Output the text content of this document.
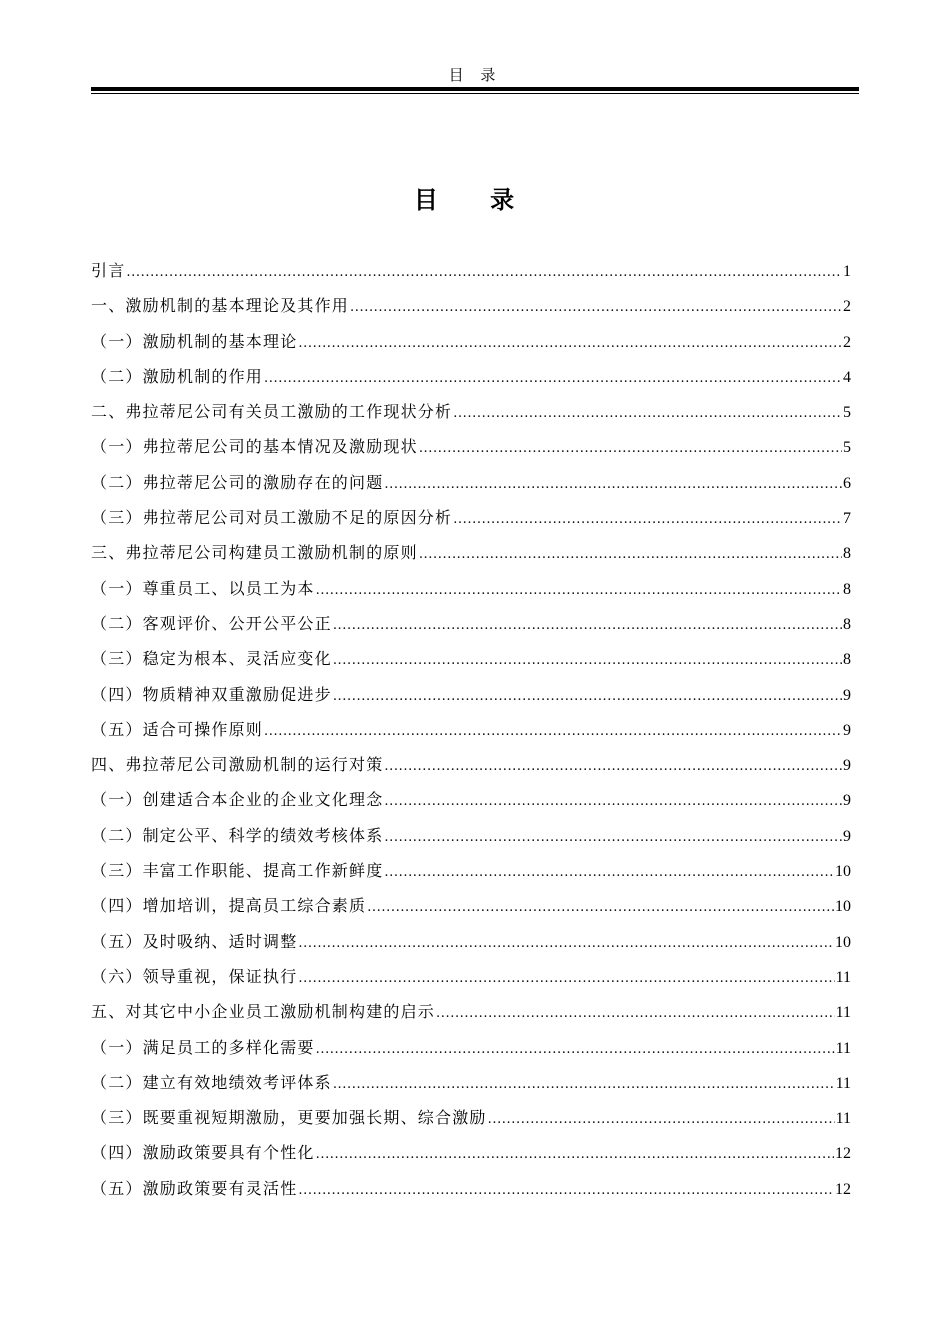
目 录
目 录
引言 .....	1
一、激励机制的基本理论及其作用 .....	2
（一）激励机制的基本理论 .....	2
（二）激励机制的作用 .....	4
二、弗拉蒂尼公司有关员工激励的工作现状分析 .....	5
（一）弗拉蒂尼公司的基本情况及激励现状 .....	5
（二）弗拉蒂尼公司的激励存在的问题 .....	6
（三）弗拉蒂尼公司对员工激励不足的原因分析 .....	7
三、弗拉蒂尼公司构建员工激励机制的原则 .....	8
（一）尊重员工、以员工为本 .....	8
（二）客观评价、公开公平公正 .....	8
（三）稳定为根本、灵活应变化 .....	8
（四）物质精神双重激励促进步 .....	9
（五）适合可操作原则 .....	9
四、弗拉蒂尼公司激励机制的运行对策 .....	9
（一）创建适合本企业的企业文化理念 .....	9
（二）制定公平、科学的绩效考核体系 .....	9
（三）丰富工作职能、提高工作新鲜度 .....	10
（四）增加培训，提高员工综合素质 .....	10
（五）及时吸纳、适时调整 .....	10
（六）领导重视，保证执行 .....	11
五、对其它中小企业员工激励机制构建的启示 .....	11
（一）满足员工的多样化需要 .....	11
（二）建立有效地绩效考评体系 .....	11
（三）既要重视短期激励，更要加强长期、综合激励 .....	11
（四）激励政策要具有个性化 .....	12
（五）激励政策要有灵活性 .....	12
